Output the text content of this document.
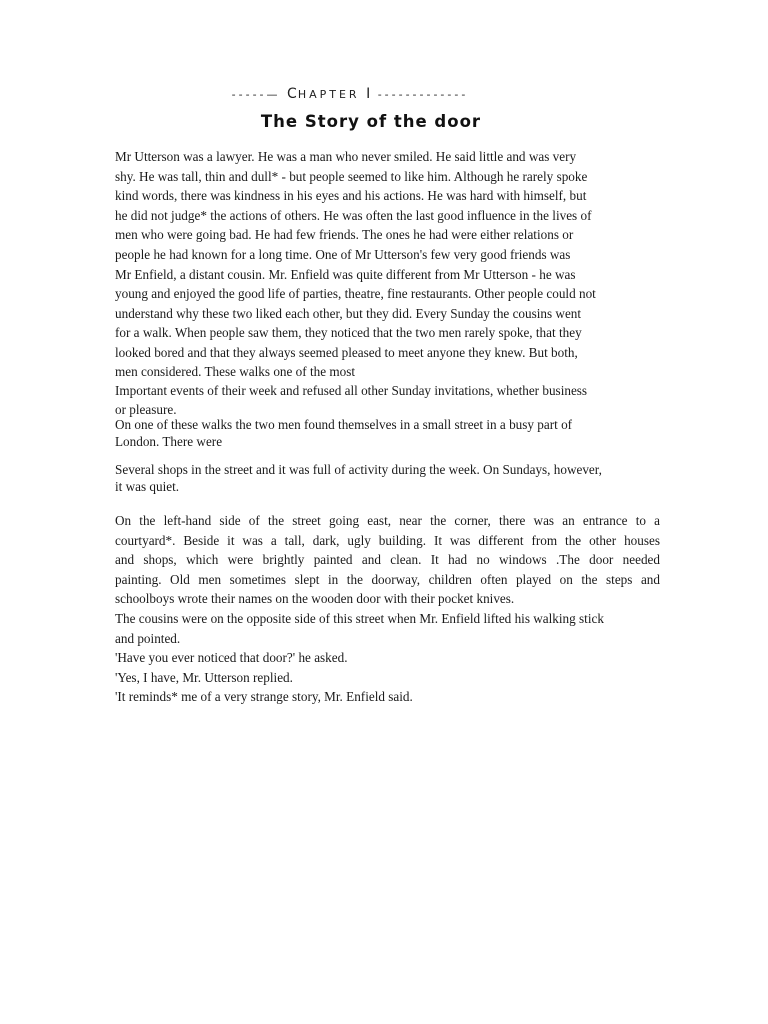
-----— CHAPTER I -------------
The Story of the door

Mr Utterson was a lawyer. He was a man who never smiled. He said little and was very

shy. He was tall, thin and dull* - but people seemed to like him. Although he rarely spoke

kind words, there was kindness in his eyes and his actions. He was hard with himself, but

he did not judge* the actions of others. He was often the last good influence in the lives of

men who were going bad. He had few friends. The ones he had were either relations or

people he had known for a long time. One of Mr Utterson's few very good friends was

Mr Enfield, a distant cousin. Mr. Enfield was quite different from Mr Utterson - he was

young and enjoyed the good life of parties, theatre, fine restaurants. Other people could not

understand why these two liked each other, but they did. Every Sunday the cousins went

for a walk. When people saw them, they noticed that the two men rarely spoke, that they

looked bored and that they always seemed pleased to meet anyone they knew. But both,

men considered. These walks one of the most

Important events of their week and refused all other Sunday invitations, whether business

or pleasure.

On one of these walks the two men found themselves in a small street in a busy part of

London. There were

Several shops in the street and it was full of activity during the week. On Sundays, however,

it was quiet.

On the left-hand side of the street going east, near the corner, there was an entrance to a

courtyard*. Beside it was a tall, dark, ugly building. It was different from the other houses

and shops, which were brightly painted and clean. It had no windows .The door needed

painting. Old men sometimes slept in the doorway, children often played on the steps and

schoolboys wrote their names on the wooden door with their pocket knives.

The cousins were on the opposite side of this street when Mr. Enfield lifted his walking stick

and pointed.

'Have you ever noticed that door?' he asked.

'Yes, I have, Mr. Utterson replied.

'It reminds* me of a very strange story, Mr. Enfield said.
